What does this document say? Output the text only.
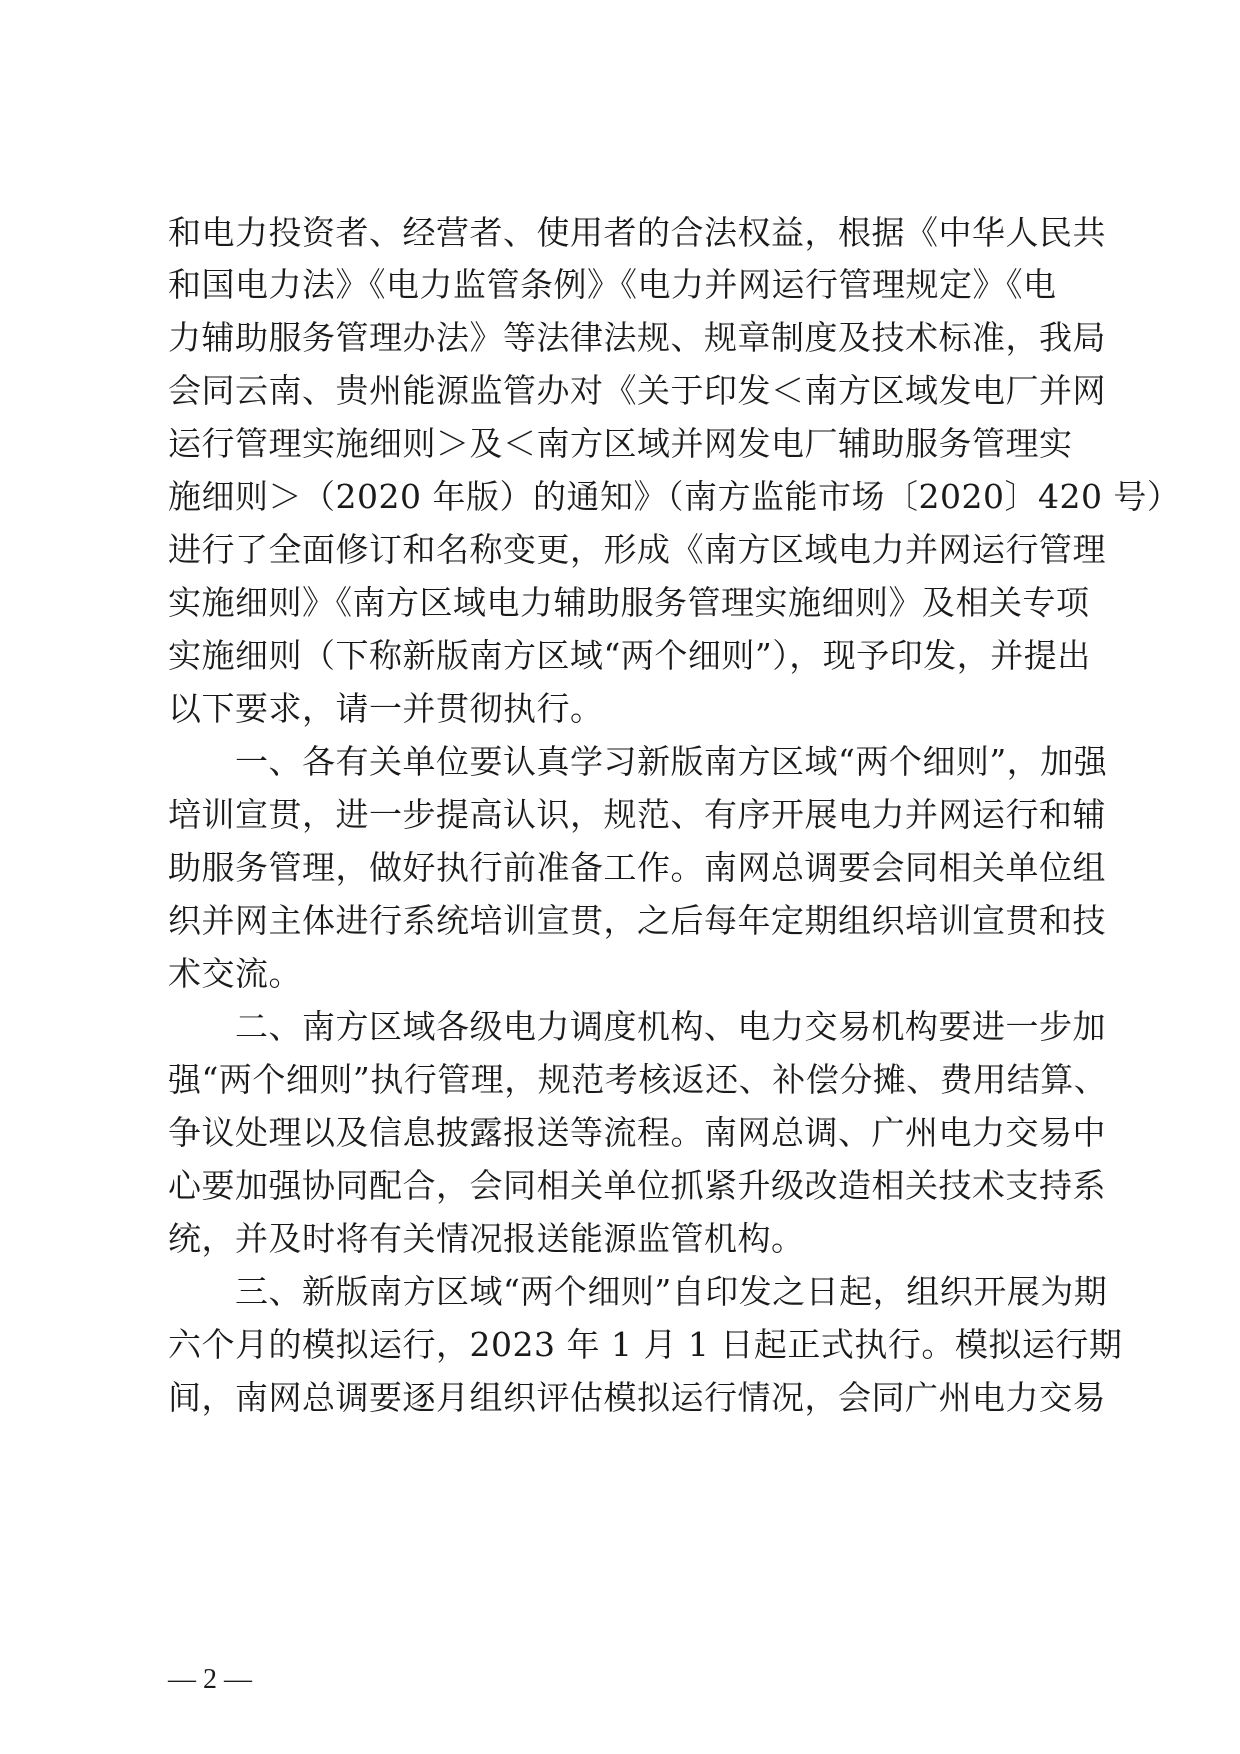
和电力投资者、经营者、使用者的合法权益，根据《中华人民共
和国电力法》《电力监管条例》《电力并网运行管理规定》《电
力辅助服务管理办法》等法律法规、规章制度及技术标准，我局
会同云南、贵州能源监管办对《关于印发＜南方区域发电厂并网
运行管理实施细则＞及＜南方区域并网发电厂辅助服务管理实
施细则＞（2020 年版）的通知》（南方监能市场〔2020〕420 号）
进行了全面修订和名称变更，形成《南方区域电力并网运行管理
实施细则》《南方区域电力辅助服务管理实施细则》及相关专项
实施细则（下称新版南方区域“两个细则”），现予印发，并提出
以下要求，请一并贯彻执行。
　　一、各有关单位要认真学习新版南方区域“两个细则”，加强
培训宣贯，进一步提高认识，规范、有序开展电力并网运行和辅
助服务管理，做好执行前准备工作。南网总调要会同相关单位组
织并网主体进行系统培训宣贯，之后每年定期组织培训宣贯和技
术交流。
　　二、南方区域各级电力调度机构、电力交易机构要进一步加
强“两个细则”执行管理，规范考核返还、补偿分摊、费用结算、
争议处理以及信息披露报送等流程。南网总调、广州电力交易中
心要加强协同配合，会同相关单位抓紧升级改造相关技术支持系
统，并及时将有关情况报送能源监管机构。
　　三、新版南方区域“两个细则”自印发之日起，组织开展为期
六个月的模拟运行，2023 年 1 月 1 日起正式执行。模拟运行期
间，南网总调要逐月组织评估模拟运行情况，会同广州电力交易
— 2 —
